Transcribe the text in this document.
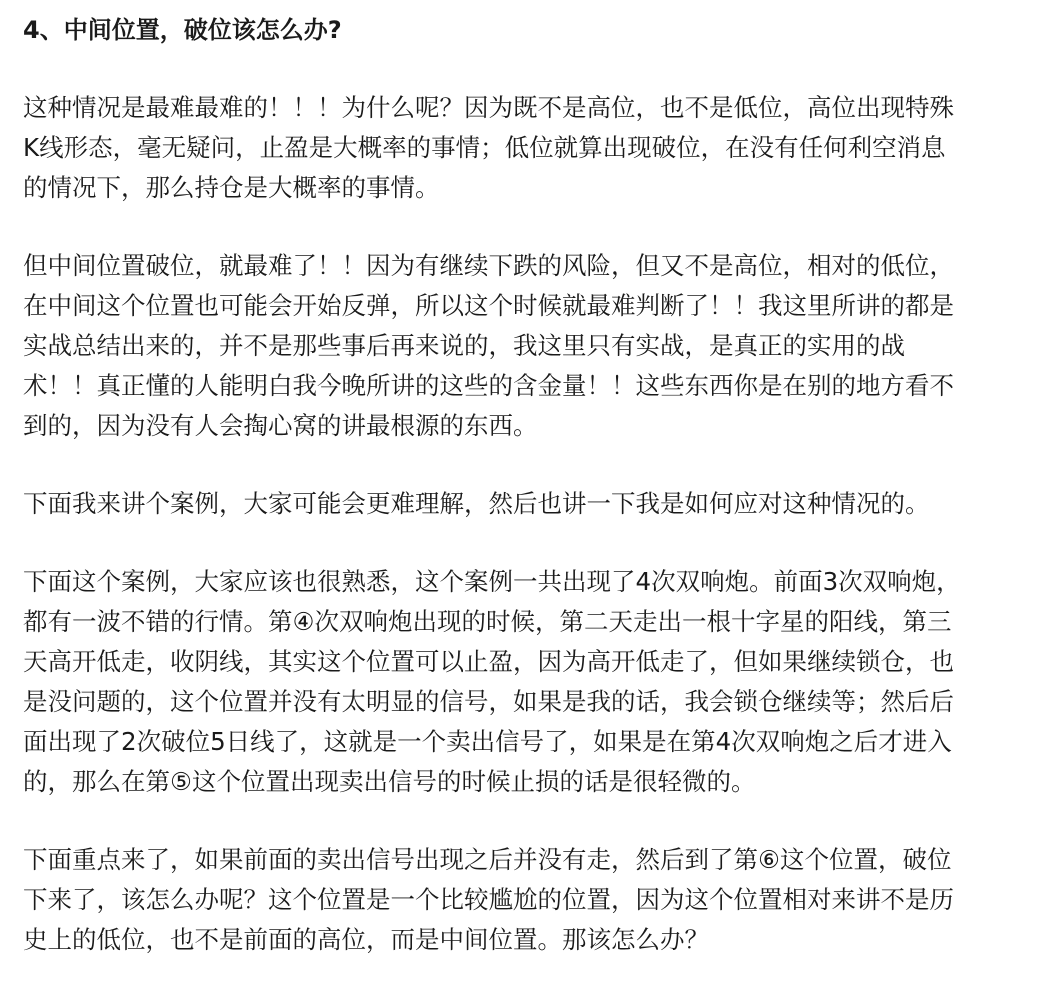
4、中间位置，破位该怎么办?
这种情况是最难最难的！！！为什么呢？因为既不是高位，也不是低位，高位出现特殊
K线形态，毫无疑问，止盈是大概率的事情；低位就算出现破位，在没有任何利空消息
的情况下，那么持仓是大概率的事情。
但中间位置破位，就最难了！！因为有继续下跌的风险，但又不是高位，相对的低位，
在中间这个位置也可能会开始反弹，所以这个时候就最难判断了！！我这里所讲的都是
实战总结出来的，并不是那些事后再来说的，我这里只有实战，是真正的实用的战
术！！真正懂的人能明白我今晚所讲的这些的含金量！！这些东西你是在别的地方看不
到的，因为没有人会掏心窝的讲最根源的东西。
下面我来讲个案例，大家可能会更难理解，然后也讲一下我是如何应对这种情况的。
下面这个案例，大家应该也很熟悉，这个案例一共出现了4次双响炮。前面3次双响炮，
都有一波不错的行情。第④次双响炮出现的时候，第二天走出一根十字星的阳线，第三
天高开低走，收阴线，其实这个位置可以止盈，因为高开低走了，但如果继续锁仓，也
是没问题的，这个位置并没有太明显的信号，如果是我的话，我会锁仓继续等；然后后
面出现了2次破位5日线了，这就是一个卖出信号了，如果是在第4次双响炮之后才进入
的，那么在第⑤这个位置出现卖出信号的时候止损的话是很轻微的。
下面重点来了，如果前面的卖出信号出现之后并没有走，然后到了第⑥这个位置，破位
下来了，该怎么办呢？这个位置是一个比较尴尬的位置，因为这个位置相对来讲不是历
史上的低位，也不是前面的高位，而是中间位置。那该怎么办？
